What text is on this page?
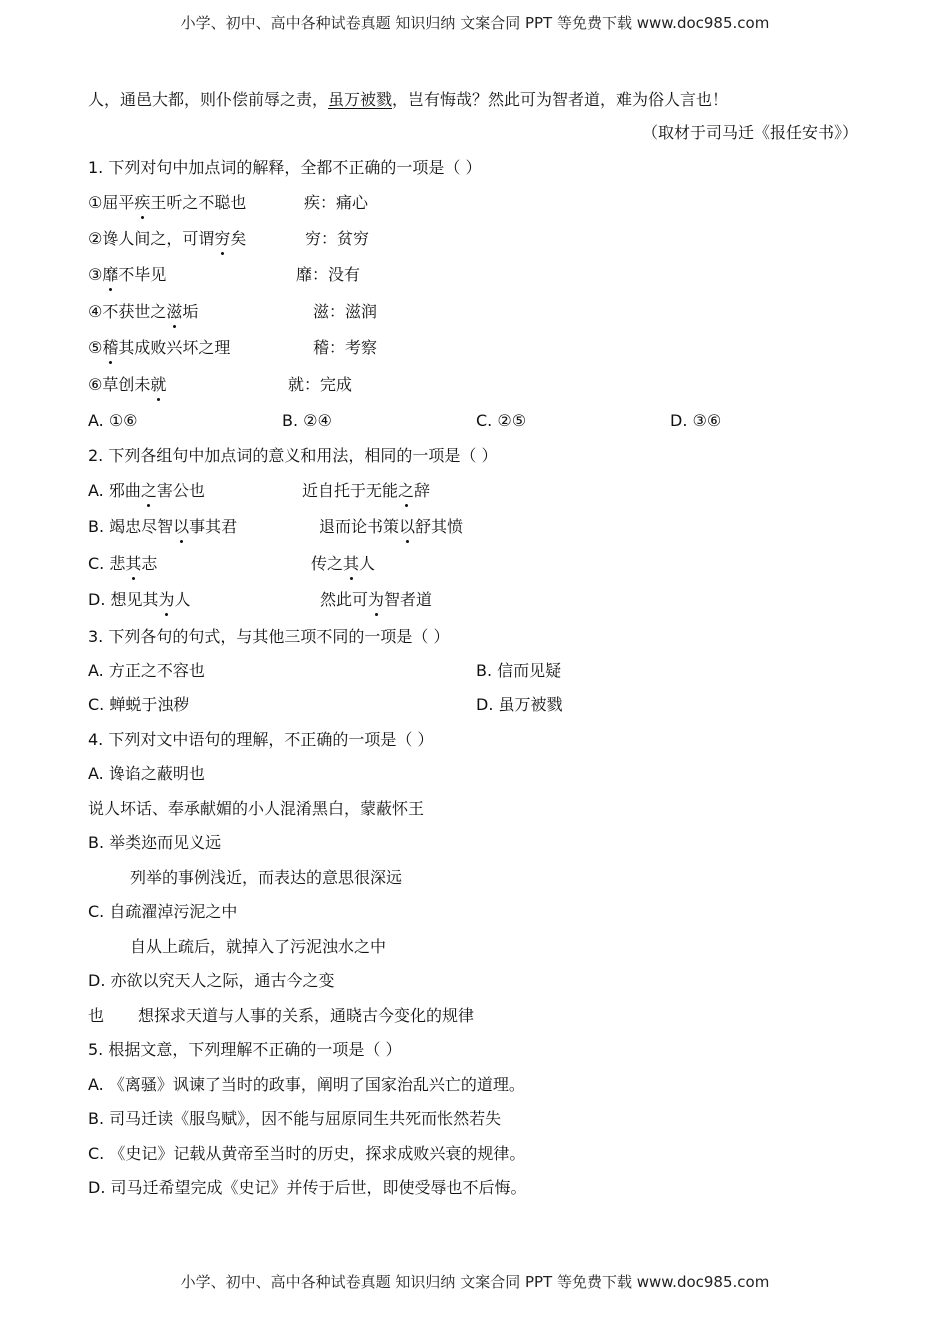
小学、初中、高中各种试卷真题 知识归纳 文案合同 PPT 等免费下载 www.doc985.com
人，通邑大都，则仆偿前辱之责，虽万被戮，岂有悔哉？然此可为智者道，难为俗人言也！
（取材于司马迁《报任安书》）
1. 下列对句中加点词的解释，全都不正确的一项是（ ）
①屈平疾王听之不聪也	疾：痛心
②谗人间之，可谓穷矣	穷：贫穷
③靡不毕见	靡：没有
④不获世之滋垢	滋：滋润
⑤稽其成败兴坏之理	稽：考察
⑥草创未就	就：完成
A. ①⑥	B. ②④	C. ②⑤	D. ③⑥
2. 下列各组句中加点词的意义和用法，相同的一项是（ ）
A. 邪曲之害公也	近自托于无能之辞
B. 竭忠尽智以事其君	退而论书策以舒其愤
C. 悲其志	传之其人
D. 想见其为人	然此可为智者道
3. 下列各句的句式，与其他三项不同的一项是（ ）
A. 方正之不容也	B. 信而见疑
C. 蝉蜕于浊秽	D. 虽万被戮
4. 下列对文中语句的理解，不正确的一项是（ ）
A. 谗谄之蔽明也
说人坏话、奉承献媚的小人混淆黑白，蒙蔽怀王
B. 举类迩而见义远
列举的事例浅近，而表达的意思很深远
C. 自疏濯淖污泥之中
自从上疏后，就掉入了污泥浊水之中
D. 亦欲以究天人之际，通古今之变
也 想探求天道与人事的关系，通晓古今变化的规律
5. 根据文意，下列理解不正确的一项是（ ）
A. 《离骚》讽谏了当时的政事，阐明了国家治乱兴亡的道理。
B. 司马迁读《服鸟赋》，因不能与屈原同生共死而怅然若失
C. 《史记》记载从黄帝至当时的历史，探求成败兴衰的规律。
D. 司马迁希望完成《史记》并传于后世，即使受辱也不后悔。
小学、初中、高中各种试卷真题 知识归纳 文案合同 PPT 等免费下载 www.doc985.com
